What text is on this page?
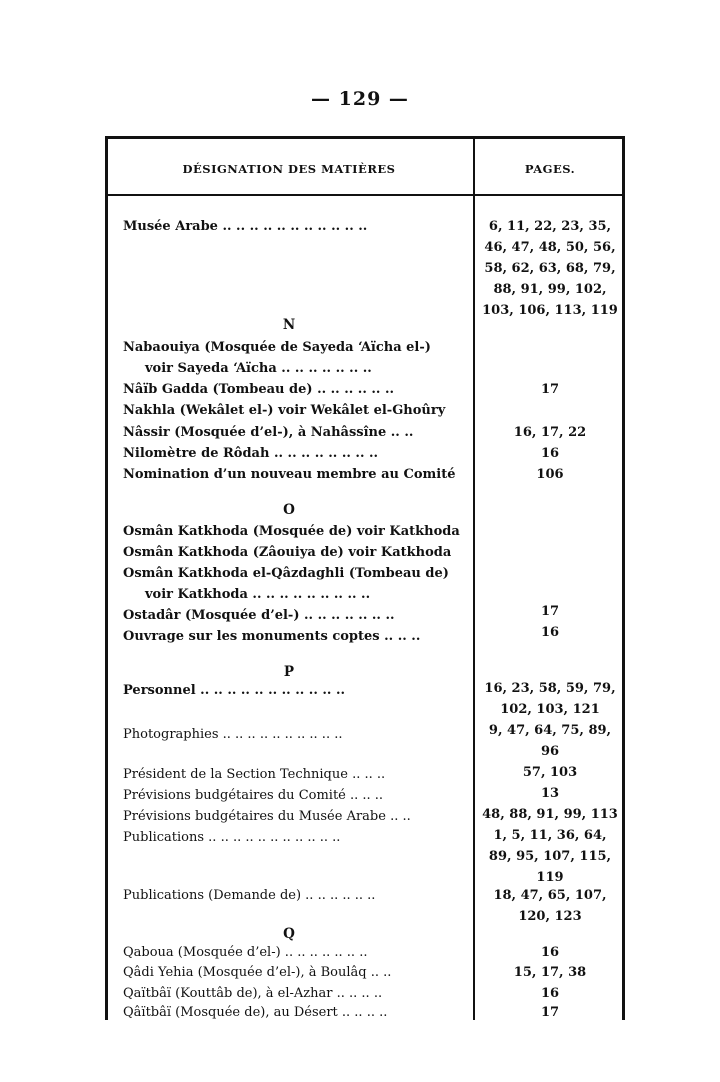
— 129 —
DÉSIGNATION DES MATIÈRES	PAGES.
Musée Arabe .. .. .. .. .. .. .. .. .. .. ..	6, 11, 22, 23, 35,
46, 47, 48, 50, 56,
58, 62, 63, 68, 79,
88, 91, 99, 102,
103, 106, 113, 119
N
Nabaouiya (Mosquée de Sayeda ‘Aïcha el-)
voir Sayeda ‘Aïcha .. .. .. .. .. .. ..
Nâïb Gadda (Tombeau de) .. .. .. .. .. ..	17
Nakhla (Wekâlet el-) voir Wekâlet el-Ghoûry
Nâssir (Mosquée d’el-), à Nahâssîne .. ..	16, 17, 22
Nilomètre de Rôdah .. .. .. .. .. .. .. ..	16
Nomination d’un nouveau membre au Comité	106
O
Osmân Katkhoda (Mosquée de) voir Katkhoda
Osmân Katkhoda (Zâouiya de) voir Katkhoda
Osmân Katkhoda el-Qâzdaghli (Tombeau de)
voir Katkhoda .. .. .. .. .. .. .. .. ..
Ostadâr (Mosquée d’el-) .. .. .. .. .. .. ..	17
Ouvrage sur les monuments coptes .. .. ..	16
P
Personnel .. .. .. .. .. .. .. .. .. .. ..	16, 23, 58, 59, 79,
102, 103, 121
Photographies .. .. .. .. .. .. .. .. .. ..	9, 47, 64, 75, 89,
96
Président de la Section Technique .. .. ..	57, 103
Prévisions budgétaires du Comité .. .. ..	13
Prévisions budgétaires du Musée Arabe .. ..	48, 88, 91, 99, 113
Publications .. .. .. .. .. .. .. .. .. .. ..	1, 5, 11, 36, 64,
89, 95, 107, 115,
119
Publications (Demande de) .. .. .. .. .. ..	18, 47, 65, 107,
120, 123
Q
Qaboua (Mosquée d’el-) .. .. .. .. .. .. ..	16
Qâdi Yehia (Mosquée d’el-), à Boulâq .. ..	15, 17, 38
Qaïtbâï (Kouttâb de), à el-Azhar .. .. .. ..	16
Qâïtbâï (Mosquée de), au Désert .. .. .. ..	17
